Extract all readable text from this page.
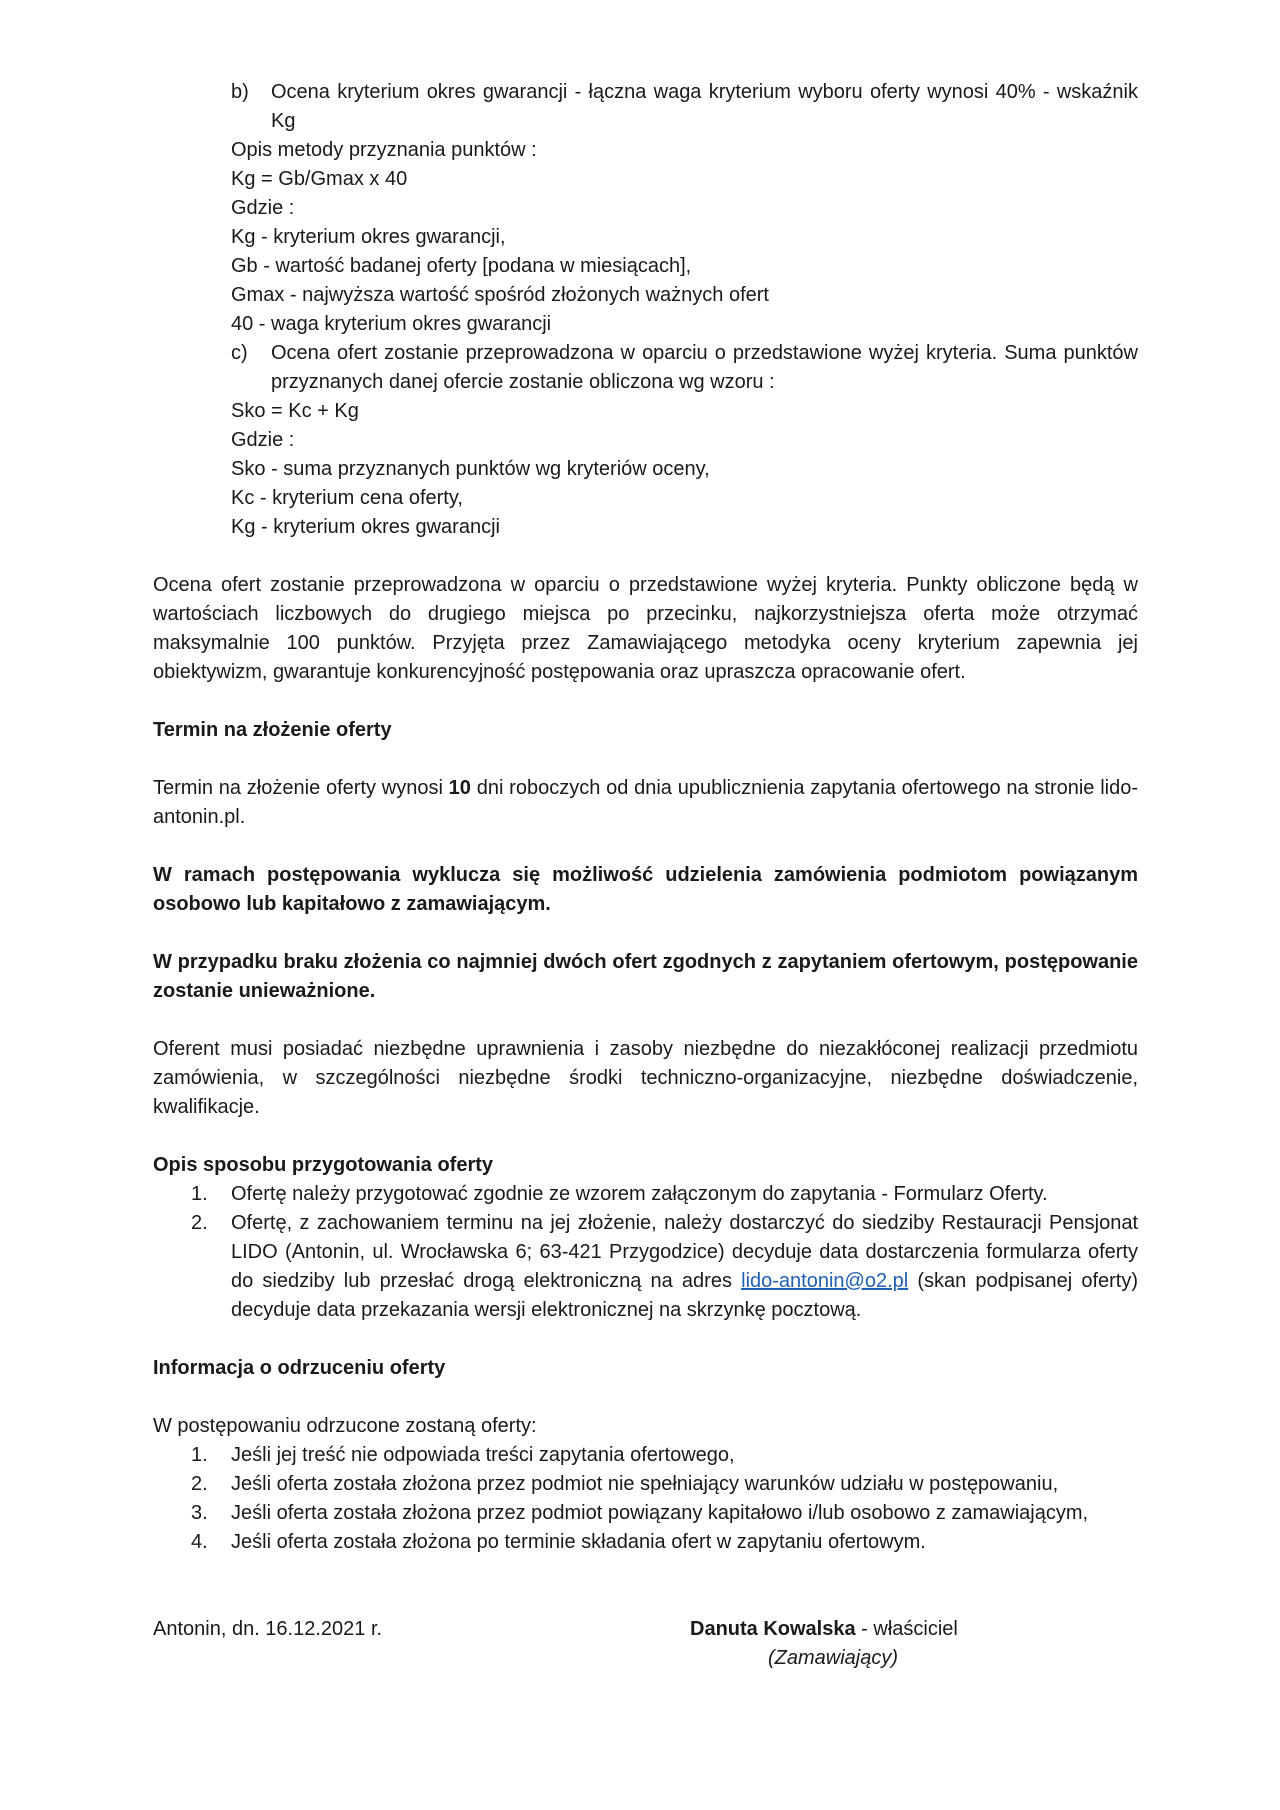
b) Ocena kryterium okres gwarancji - łączna waga kryterium wyboru oferty wynosi 40% - wskaźnik Kg
Opis metody przyznania punktów :
Kg = Gb/Gmax x 40
Gdzie :
Kg - kryterium okres gwarancji,
Gb - wartość badanej oferty [podana w miesiącach],
Gmax - najwyższa wartość spośród złożonych ważnych ofert
40 - waga kryterium okres gwarancji
c) Ocena ofert zostanie przeprowadzona w oparciu o przedstawione wyżej kryteria. Suma punktów przyznanych danej ofercie zostanie obliczona wg wzoru :
Sko = Kc + Kg
Gdzie :
Sko - suma przyznanych punktów wg kryteriów oceny,
Kc - kryterium cena oferty,
Kg - kryterium okres gwarancji
Ocena ofert zostanie przeprowadzona w oparciu o przedstawione wyżej kryteria. Punkty obliczone będą w wartościach liczbowych do drugiego miejsca po przecinku, najkorzystniejsza oferta może otrzymać maksymalnie 100 punktów. Przyjęta przez Zamawiającego metodyka oceny kryterium zapewnia jej obiektywizm, gwarantuje konkurencyjność postępowania oraz upraszcza opracowanie ofert.
Termin na złożenie oferty
Termin na złożenie oferty wynosi 10 dni roboczych od dnia upublicznienia zapytania ofertowego na stronie lido-antonin.pl.
W ramach postępowania wyklucza się możliwość udzielenia zamówienia podmiotom powiązanym osobowo lub kapitałowo z zamawiającym.
W przypadku braku złożenia co najmniej dwóch ofert zgodnych z zapytaniem ofertowym, postępowanie zostanie unieważnione.
Oferent musi posiadać niezbędne uprawnienia i zasoby niezbędne do niezakłóconej realizacji przedmiotu zamówienia, w szczególności niezbędne środki techniczno-organizacyjne, niezbędne doświadczenie, kwalifikacje.
Opis sposobu przygotowania oferty
1. Ofertę należy przygotować zgodnie ze wzorem załączonym do zapytania - Formularz Oferty.
2. Ofertę, z zachowaniem terminu na jej złożenie, należy dostarczyć do siedziby Restauracji Pensjonat LIDO (Antonin, ul. Wrocławska 6; 63-421 Przygodzice) decyduje data dostarczenia formularza oferty do siedziby lub przesłać drogą elektroniczną na adres lido-antonin@o2.pl (skan podpisanej oferty) decyduje data przekazania wersji elektronicznej na skrzynkę pocztową.
Informacja o odrzuceniu oferty
W postępowaniu odrzucone zostaną oferty:
1. Jeśli jej treść nie odpowiada treści zapytania ofertowego,
2. Jeśli oferta została złożona przez podmiot nie spełniający warunków udziału w postępowaniu,
3. Jeśli oferta została złożona przez podmiot powiązany kapitałowo i/lub osobowo z zamawiającym,
4. Jeśli oferta została złożona po terminie składania ofert w zapytaniu ofertowym.
Antonin, dn. 16.12.2021 r.	Danuta Kowalska - właściciel
(Zamawiający)
